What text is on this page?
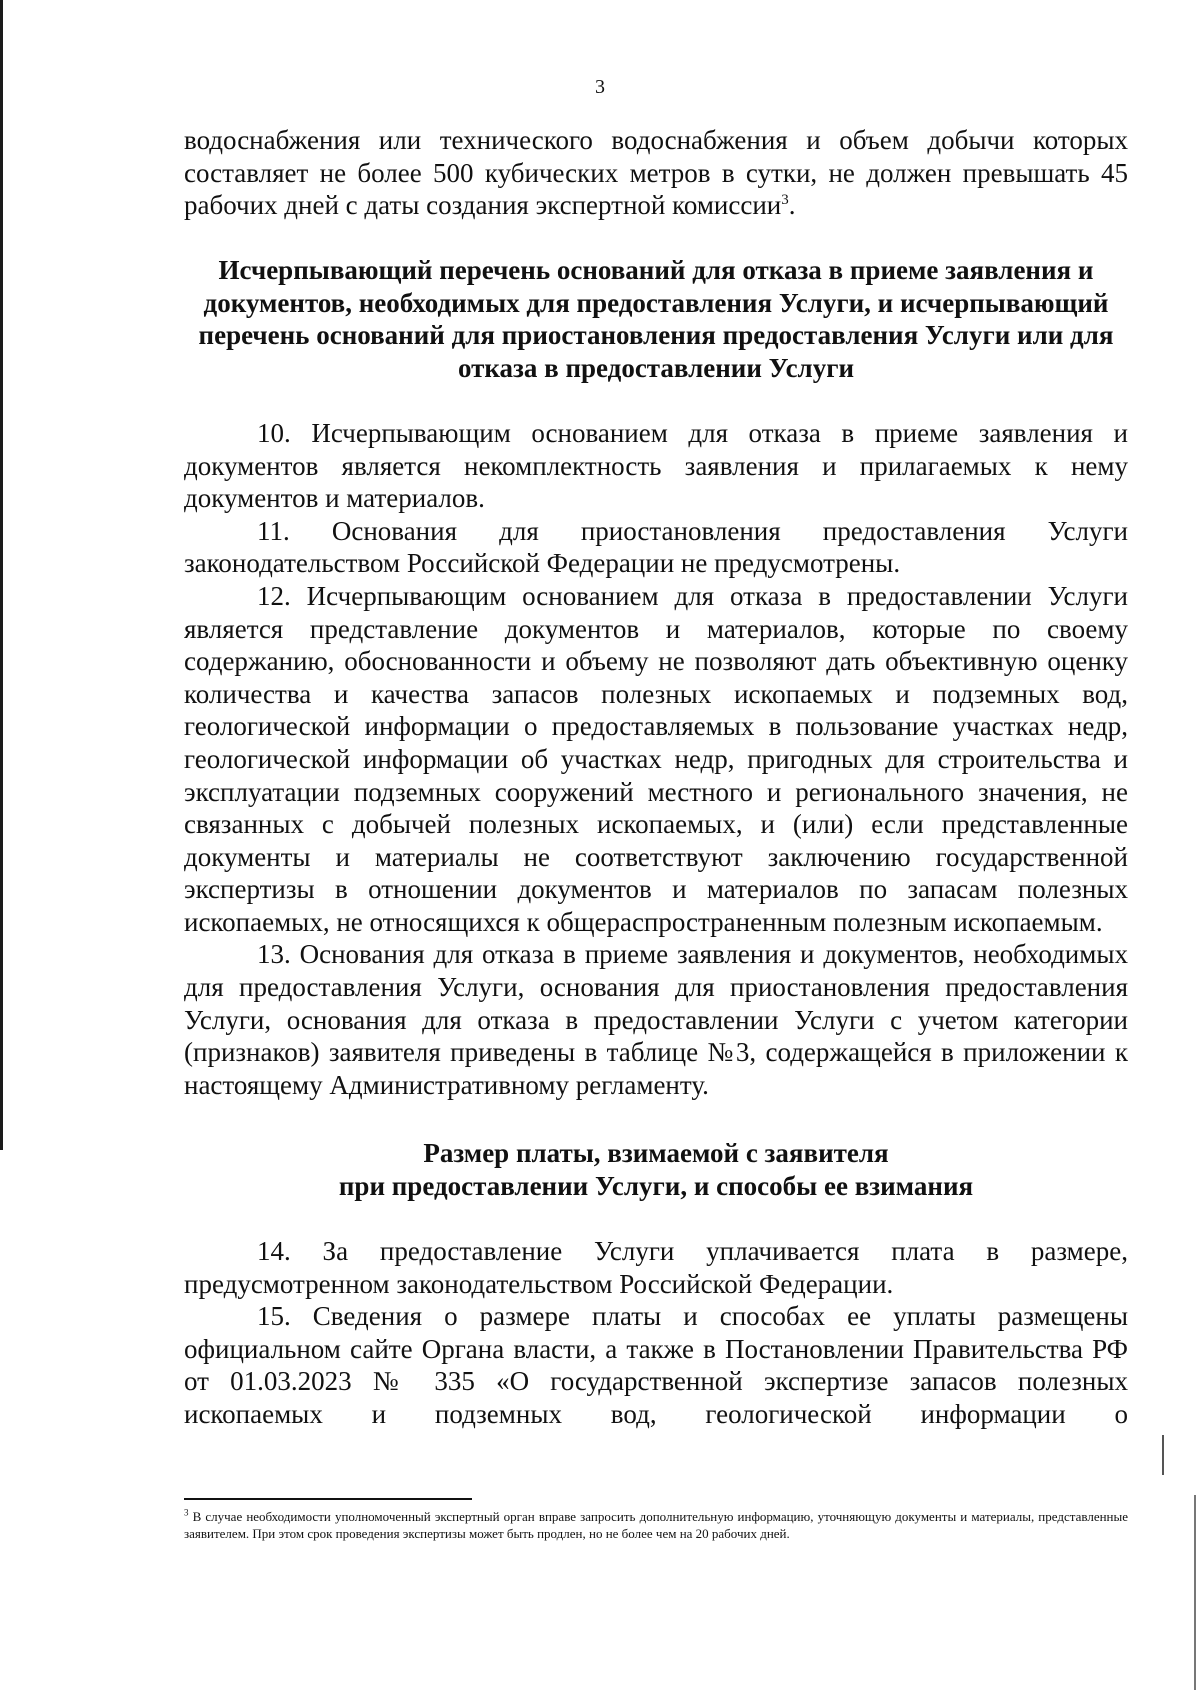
3

водоснабжения или технического водоснабжения и объем добычи которых составляет не более 500 кубических метров в сутки, не должен превышать 45 рабочих дней с даты создания экспертной комиссии$^3$.

Исчерпывающий перечень оснований для отказа в приеме заявления и документов, необходимых для предоставления Услуги, и исчерпывающий перечень оснований для приостановления предоставления Услуги или для отказа в предоставлении Услуги

10. Исчерпывающим основанием для отказа в приеме заявления и документов является некомплектность заявления и прилагаемых к нему документов и материалов.

11. Основания для приостановления предоставления Услуги законодательством Российской Федерации не предусмотрены.

12. Исчерпывающим основанием для отказа в предоставлении Услуги является представление документов и материалов, которые по своему содержанию, обоснованности и объему не позволяют дать объективную оценку количества и качества запасов полезных ископаемых и подземных вод, геологической информации о предоставляемых в пользование участках недр, геологической информации об участках недр, пригодных для строительства и эксплуатации подземных сооружений местного и регионального значения, не связанных с добычей полезных ископаемых, и (или) если представленные документы и материалы не соответствуют заключению государственной экспертизы в отношении документов и материалов по запасам полезных ископаемых, не относящихся к общераспространенным полезным ископаемым.

13. Основания для отказа в приеме заявления и документов, необходимых для предоставления Услуги, основания для приостановления предоставления Услуги, основания для отказа в предоставлении Услуги с учетом категории (признаков) заявителя приведены в таблице №3, содержащейся в приложении к настоящему Административному регламенту.

Размер платы, взимаемой с заявителя
при предоставлении Услуги, и способы ее взимания

14. За предоставление Услуги уплачивается плата в размере, предусмотренном законодательством Российской Федерации.

15. Сведения о размере платы и способах ее уплаты размещены официальном сайте Органа власти, а также в Постановлении Правительства РФ от 01.03.2023 № 335 «О государственной экспертизе запасов полезных ископаемых и подземных вод, геологической информации о

$^3$ В случае необходимости уполномоченный экспертный орган вправе запросить дополнительную информацию, уточняющую документы и материалы, представленные заявителем. При этом срок проведения экспертизы может быть продлен, но не более чем на 20 рабочих дней.
